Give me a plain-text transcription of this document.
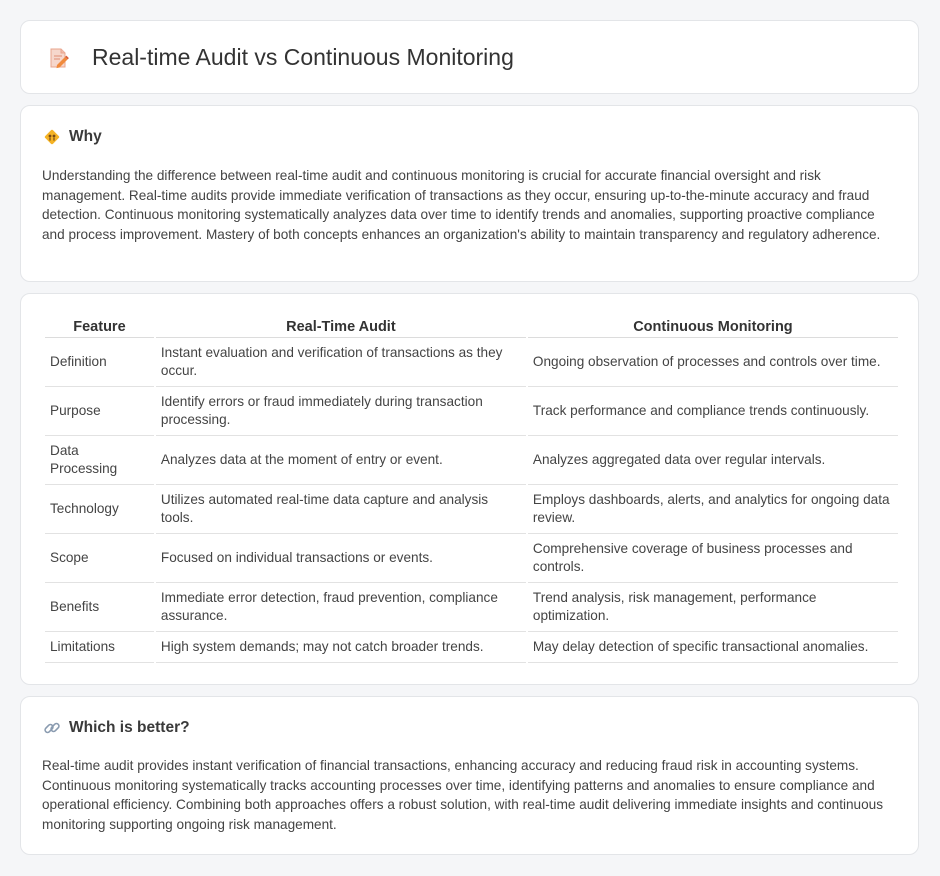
Real-time Audit vs Continuous Monitoring
Why

Understanding the difference between real-time audit and continuous monitoring is crucial for accurate financial oversight and risk management. Real-time audits provide immediate verification of transactions as they occur, ensuring up-to-the-minute accuracy and fraud detection. Continuous monitoring systematically analyzes data over time to identify trends and anomalies, supporting proactive compliance and process improvement. Mastery of both concepts enhances an organization's ability to maintain transparency and regulatory adherence.

Feature	Real-Time Audit	Continuous Monitoring
Definition	Instant evaluation and verification of transactions as they occur.	Ongoing observation of processes and controls over time.
Purpose	Identify errors or fraud immediately during transaction processing.	Track performance and compliance trends continuously.
Data Processing	Analyzes data at the moment of entry or event.	Analyzes aggregated data over regular intervals.
Technology	Utilizes automated real-time data capture and analysis tools.	Employs dashboards, alerts, and analytics for ongoing data review.
Scope	Focused on individual transactions or events.	Comprehensive coverage of business processes and controls.
Benefits	Immediate error detection, fraud prevention, compliance assurance.	Trend analysis, risk management, performance optimization.
Limitations	High system demands; may not catch broader trends.	May delay detection of specific transactional anomalies.
Which is better?

Real-time audit provides instant verification of financial transactions, enhancing accuracy and reducing fraud risk in accounting systems. Continuous monitoring systematically tracks accounting processes over time, identifying patterns and anomalies to ensure compliance and operational efficiency. Combining both approaches offers a robust solution, with real-time audit delivering immediate insights and continuous monitoring supporting ongoing risk management.
